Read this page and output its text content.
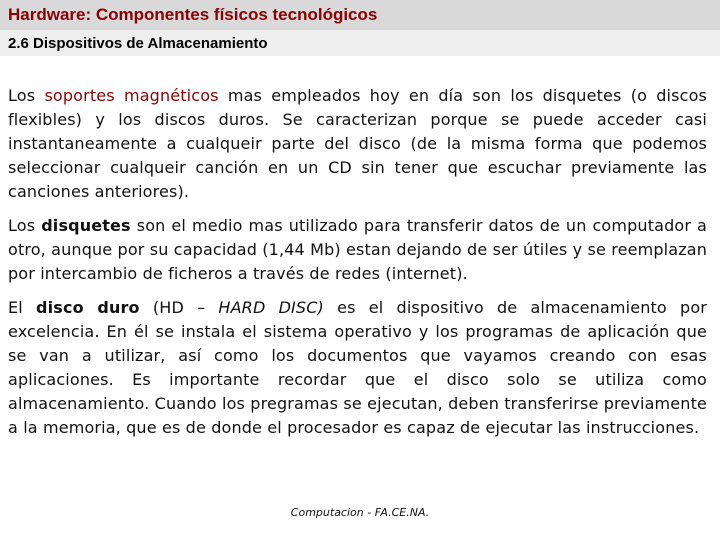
Hardware: Componentes físicos tecnológicos
2.6 Dispositivos de Almacenamiento

Los soportes magnéticos mas empleados hoy en día son los disquetes (o discos flexibles) y los discos duros. Se caracterizan porque se puede acceder casi instantaneamente a cualqueir parte del disco (de la misma forma que podemos seleccionar cualqueir canción en un CD sin tener que escuchar previamente las canciones anteriores).

Los disquetes son el medio mas utilizado para transferir datos de un computador a otro, aunque por su capacidad (1,44 Mb) estan dejando de ser útiles y se reemplazan por intercambio de ficheros a través de redes (internet).

El disco duro (HD – HARD DISC) es el dispositivo de almacenamiento por excelencia. En él se instala el sistema operativo y los programas de aplicación que se van a utilizar, así como los documentos que vayamos creando con esas aplicaciones. Es importante recordar que el disco solo se utiliza como almacenamiento. Cuando los pregramas se ejecutan, deben transferirse previamente a la memoria, que es de donde el procesador es capaz de ejecutar las instrucciones.

Computacion - FA.CE.NA.
